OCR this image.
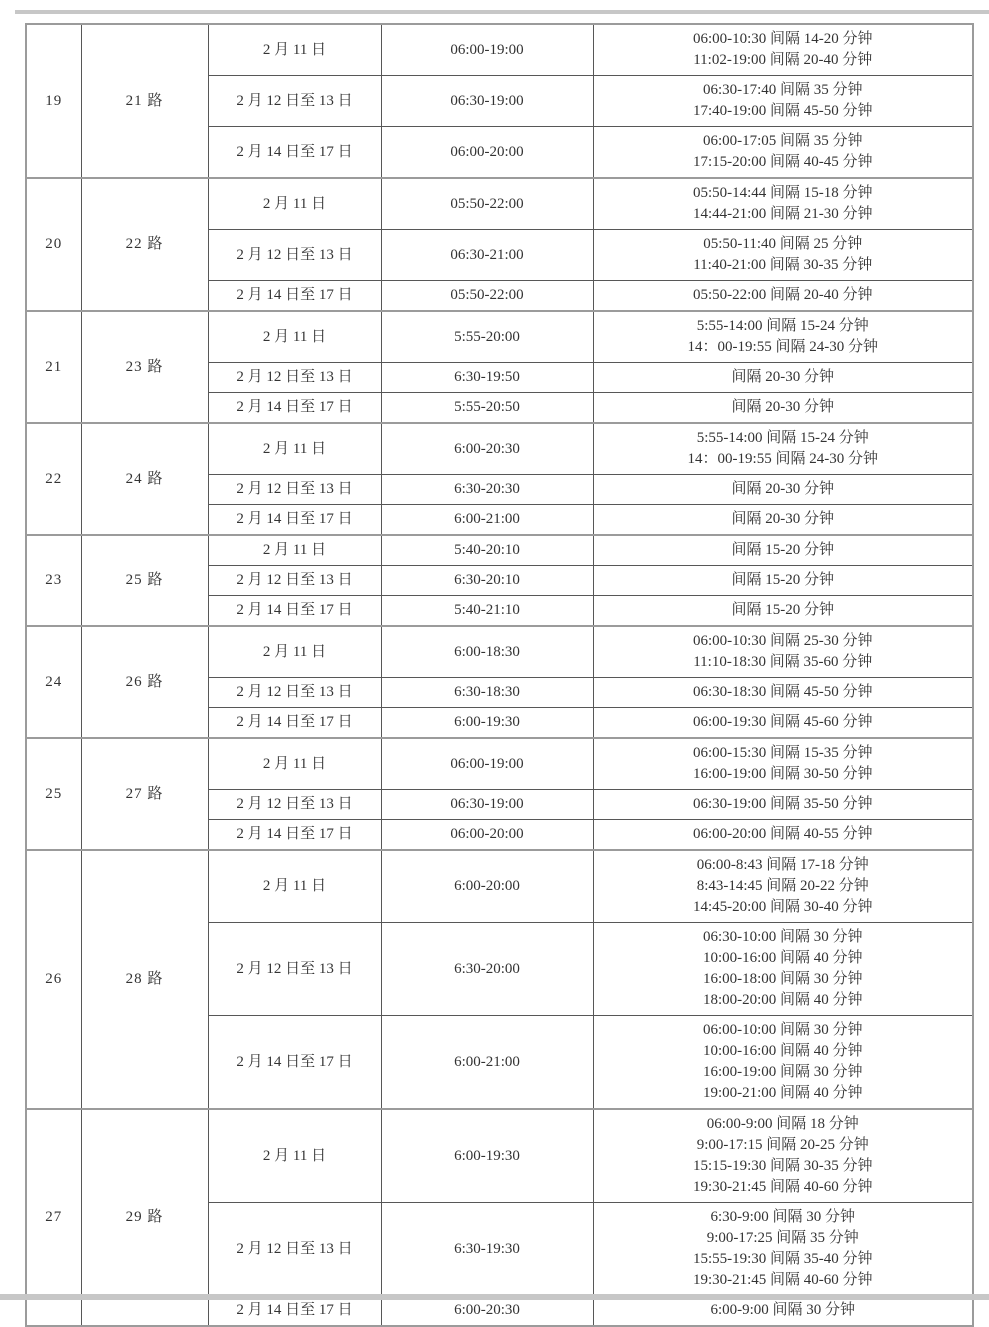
19	21 路	2 月 11 日	06:00-19:00	06:00-10:30 间隔 14-20 分钟
11:02-19:00 间隔 20-40 分钟

		2 月 12 日至 13 日	06:30-19:00	06:30-17:40 间隔 35 分钟
17:40-19:00 间隔 45-50 分钟

		2 月 14 日至 17 日	06:00-20:00	06:00-17:05 间隔 35 分钟
17:15-20:00 间隔 40-45 分钟

20	22 路	2 月 11 日	05:50-22:00	05:50-14:44 间隔 15-18 分钟
14:44-21:00 间隔 21-30 分钟

		2 月 12 日至 13 日	06:30-21:00	05:50-11:40 间隔 25 分钟
11:40-21:00 间隔 30-35 分钟

		2 月 14 日至 17 日	05:50-22:00	05:50-22:00 间隔 20-40 分钟

21	23 路	2 月 11 日	5:55-20:00	5:55-14:00 间隔 15-24 分钟
14：00-19:55 间隔 24-30 分钟

		2 月 12 日至 13 日	6:30-19:50	间隔 20-30 分钟

		2 月 14 日至 17 日	5:55-20:50	间隔 20-30 分钟

22	24 路	2 月 11 日	6:00-20:30	5:55-14:00 间隔 15-24 分钟
14：00-19:55 间隔 24-30 分钟

		2 月 12 日至 13 日	6:30-20:30	间隔 20-30 分钟

		2 月 14 日至 17 日	6:00-21:00	间隔 20-30 分钟

23	25 路	2 月 11 日	5:40-20:10	间隔 15-20 分钟

		2 月 12 日至 13 日	6:30-20:10	间隔 15-20 分钟

		2 月 14 日至 17 日	5:40-21:10	间隔 15-20 分钟

24	26 路	2 月 11 日	6:00-18:30	06:00-10:30 间隔 25-30 分钟
11:10-18:30 间隔 35-60 分钟

		2 月 12 日至 13 日	6:30-18:30	06:30-18:30 间隔 45-50 分钟

		2 月 14 日至 17 日	6:00-19:30	06:00-19:30 间隔 45-60 分钟

25	27 路	2 月 11 日	06:00-19:00	06:00-15:30 间隔 15-35 分钟
16:00-19:00 间隔 30-50 分钟

		2 月 12 日至 13 日	06:30-19:00	06:30-19:00 间隔 35-50 分钟

		2 月 14 日至 17 日	06:00-20:00	06:00-20:00 间隔 40-55 分钟

26	28 路	2 月 11 日	6:00-20:00	06:00-8:43 间隔 17-18 分钟
8:43-14:45 间隔 20-22 分钟
14:45-20:00 间隔 30-40 分钟

		2 月 12 日至 13 日	6:30-20:00	06:30-10:00 间隔 30 分钟
10:00-16:00 间隔 40 分钟
16:00-18:00 间隔 30 分钟
18:00-20:00 间隔 40 分钟

		2 月 14 日至 17 日	6:00-21:00	06:00-10:00 间隔 30 分钟
10:00-16:00 间隔 40 分钟
16:00-19:00 间隔 30 分钟
19:00-21:00 间隔 40 分钟

27	29 路	2 月 11 日	6:00-19:30	06:00-9:00 间隔 18 分钟
9:00-17:15 间隔 20-25 分钟
15:15-19:30 间隔 30-35 分钟
19:30-21:45 间隔 40-60 分钟

		2 月 12 日至 13 日	6:30-19:30	6:30-9:00 间隔 30 分钟
9:00-17:25 间隔 35 分钟
15:55-19:30 间隔 35-40 分钟
19:30-21:45 间隔 40-60 分钟

		2 月 14 日至 17 日	6:00-20:30	6:00-9:00 间隔 30 分钟
